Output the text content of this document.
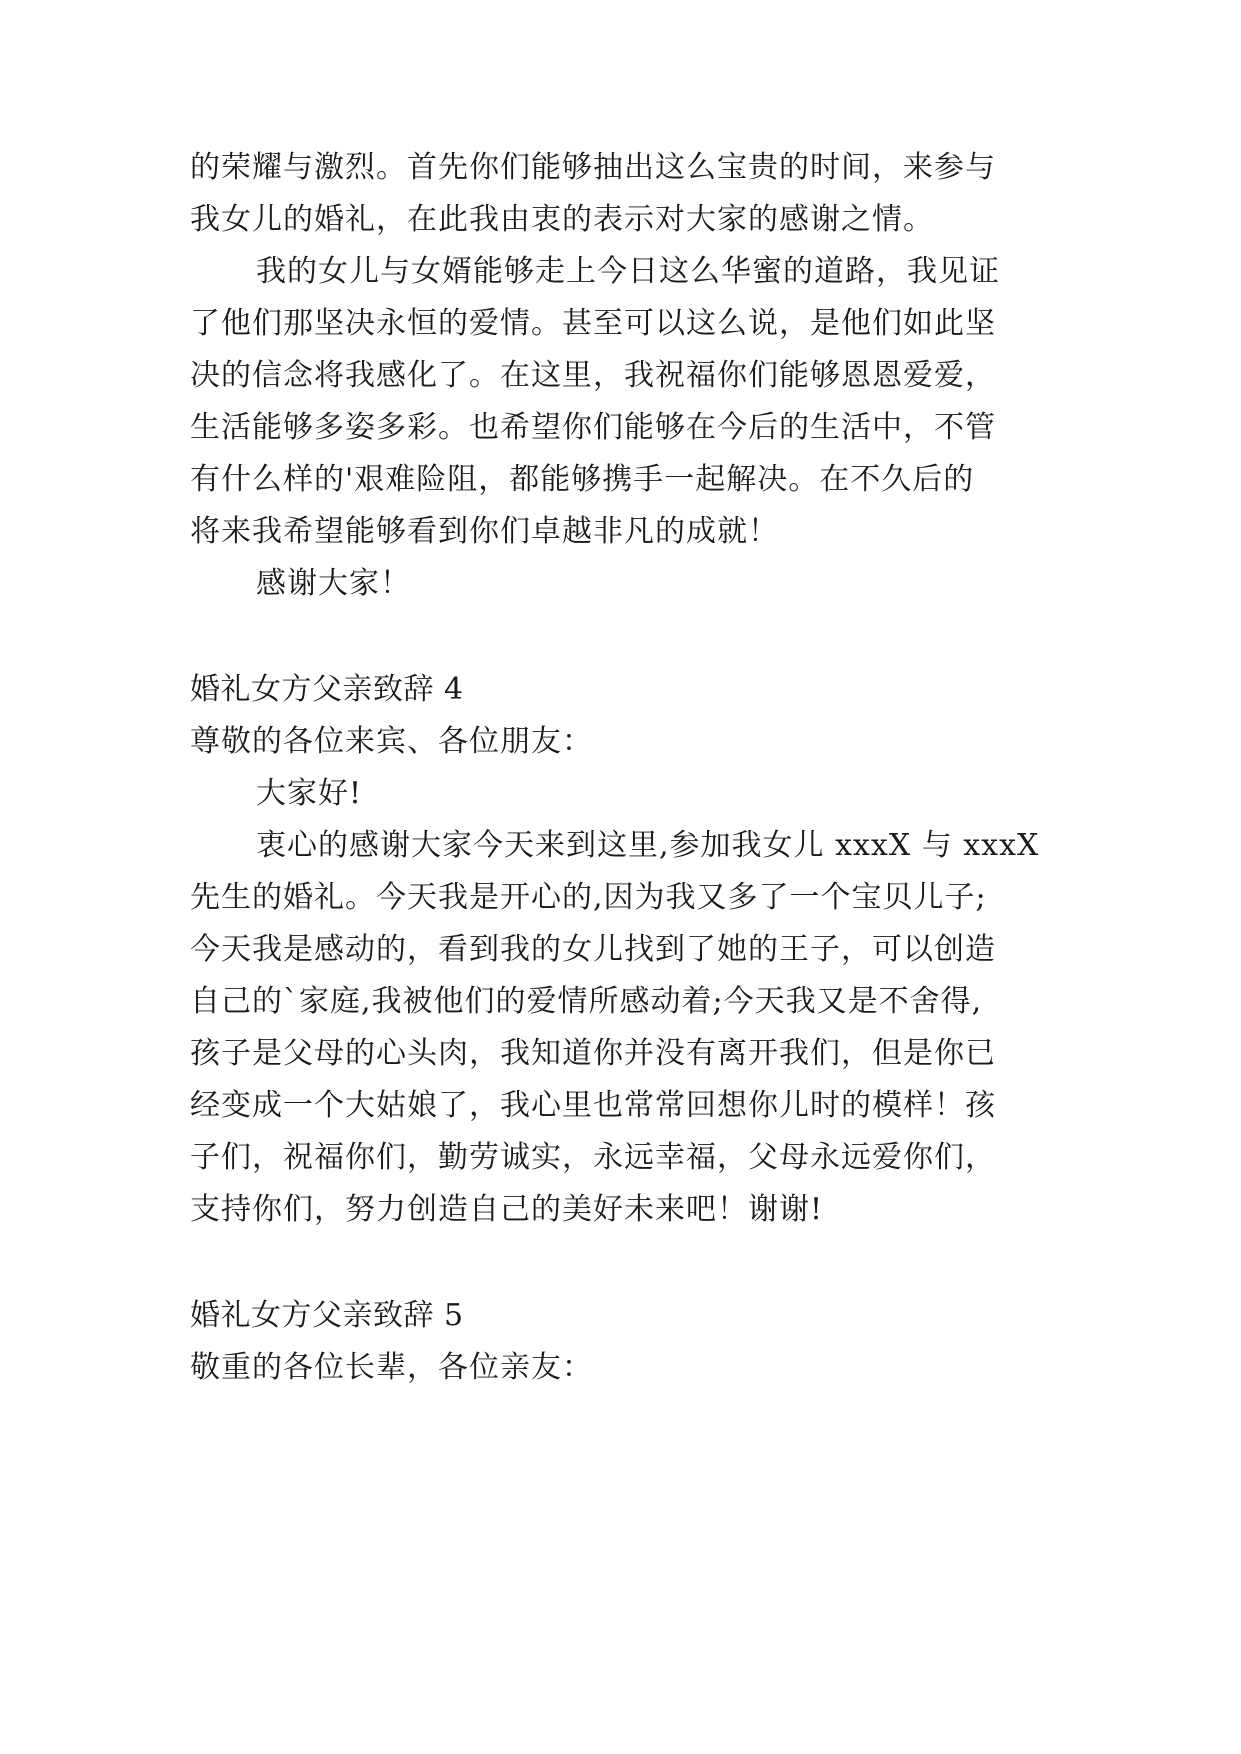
的荣耀与激烈。首先你们能够抽出这么宝贵的时间，来参与
我女儿的婚礼，在此我由衷的表示对大家的感谢之情。
我的女儿与女婿能够走上今日这么华蜜的道路，我见证
了他们那坚决永恒的爱情。甚至可以这么说，是他们如此坚
决的信念将我感化了。在这里，我祝福你们能够恩恩爱爱，
生活能够多姿多彩。也希望你们能够在今后的生活中，不管
有什么样的'艰难险阻，都能够携手一起解决。在不久后的
将来我希望能够看到你们卓越非凡的成就！
感谢大家！
婚礼女方父亲致辞 4
尊敬的各位来宾、各位朋友：
大家好!
衷心的感谢大家今天来到这里,参加我女儿 xxxX 与 xxxX
先生的婚礼。今天我是开心的,因为我又多了一个宝贝儿子;
今天我是感动的，看到我的女儿找到了她的王子，可以创造
自己的`家庭,我被他们的爱情所感动着;今天我又是不舍得,
孩子是父母的心头肉，我知道你并没有离开我们，但是你已
经变成一个大姑娘了，我心里也常常回想你儿时的模样！孩
子们，祝福你们，勤劳诚实，永远幸福，父母永远爱你们，
支持你们，努力创造自己的美好未来吧！谢谢!
婚礼女方父亲致辞 5
敬重的各位长辈，各位亲友：
